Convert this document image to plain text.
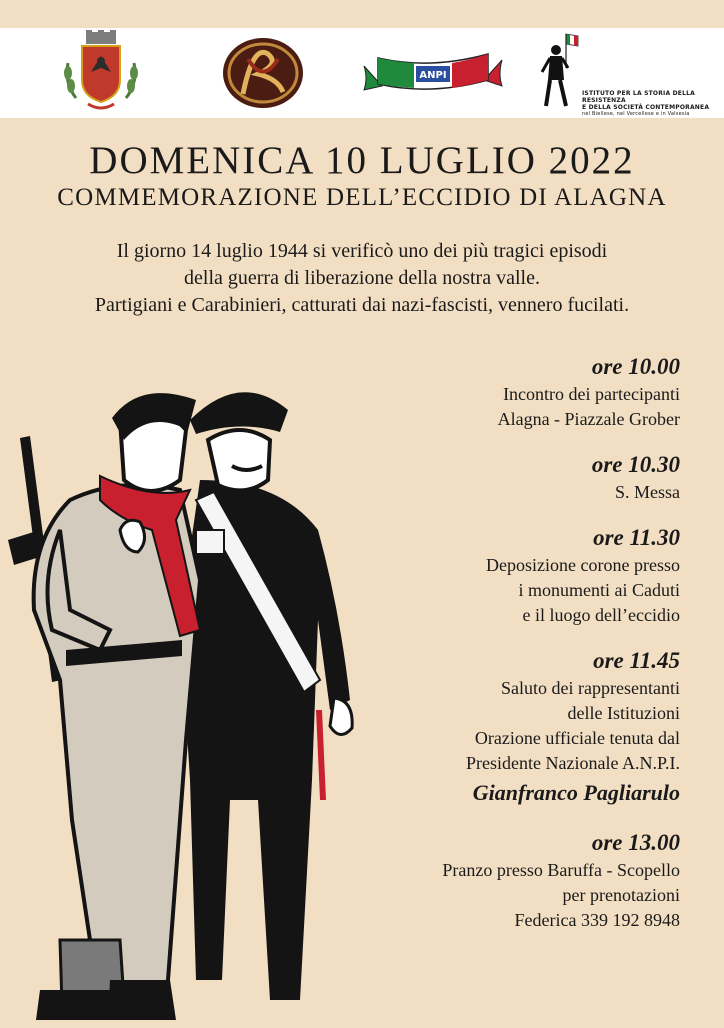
ANPI
ISTITUTO PER LA STORIA DELLA RESISTENZA
E DELLA SOCIETÀ CONTEMPORANEA
nel Biellese, nel Vercellese e in Valsesia
DOMENICA 10 LUGLIO 2022
COMMEMORAZIONE DELL’ECCIDIO DI ALAGNA
Il giorno 14 luglio 1944 si verificò uno dei più tragici episodi
della guerra di liberazione della nostra valle.
Partigiani e Carabinieri, catturati dai nazi-fascisti, vennero fucilati.
ore 10.00
Incontro dei partecipanti
Alagna - Piazzale Grober
ore 10.30
S. Messa
ore 11.30
Deposizione corone presso
i monumenti ai Caduti
e il luogo dell’eccidio
ore 11.45
Saluto dei rappresentanti
delle Istituzioni
Orazione ufficiale tenuta dal
Presidente Nazionale A.N.P.I.
Gianfranco Pagliarulo
ore 13.00
Pranzo presso Baruffa - Scopello
per prenotazioni
Federica 339 192 8948
